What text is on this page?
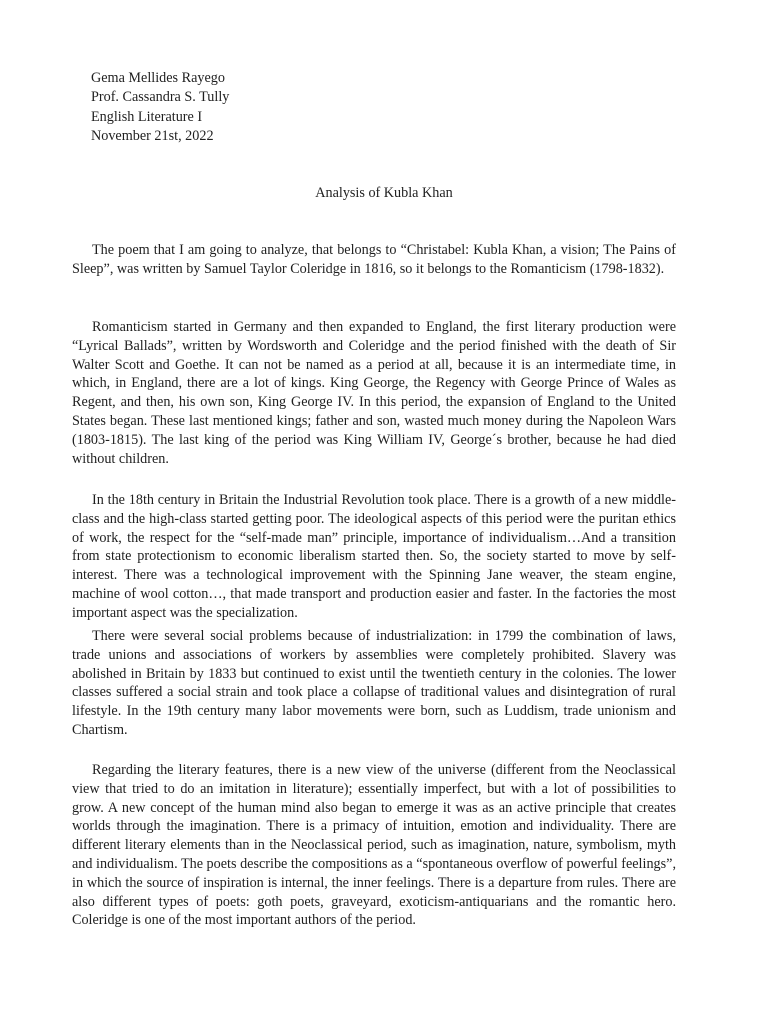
Gema Mellides Rayego
Prof. Cassandra S. Tully
English Literature I
November 21st, 2022
Analysis of Kubla Khan

The poem that I am going to analyze, that belongs to “Christabel: Kubla Khan, a vision; The Pains of Sleep”, was written by Samuel Taylor Coleridge in 1816, so it belongs to the Romanticism (1798-1832).

Romanticism started in Germany and then expanded to England, the first literary production were “Lyrical Ballads”, written by Wordsworth and Coleridge and the period finished with the death of Sir Walter Scott and Goethe. It can not be named as a period at all, because it is an intermediate time, in which, in England, there are a lot of kings. King George, the Regency with George Prince of Wales as Regent, and then, his own son, King George IV. In this period, the expansion of England to the United States began. These last mentioned kings; father and son, wasted much money during the Napoleon Wars (1803-1815). The last king of the period was King William IV, George´s brother, because he had died without children.

In the 18th century in Britain the Industrial Revolution took place. There is a growth of a new middle-class and the high-class started getting poor. The ideological aspects of this period were the puritan ethics of work, the respect for the “self-made man” principle, importance of individualism…And a transition from state protectionism to economic liberalism started then. So, the society started to move by self-interest. There was a technological improvement with the Spinning Jane weaver, the steam engine, machine of wool cotton…, that made transport and production easier and faster. In the factories the most important aspect was the specialization.

There were several social problems because of industrialization: in 1799 the combination of laws, trade unions and associations of workers by assemblies were completely prohibited. Slavery was abolished in Britain by 1833 but continued to exist until the twentieth century in the colonies. The lower classes suffered a social strain and took place a collapse of traditional values and disintegration of rural lifestyle. In the 19th century many labor movements were born, such as Luddism, trade unionism and Chartism.

Regarding the literary features, there is a new view of the universe (different from the Neoclassical view that tried to do an imitation in literature); essentially imperfect, but with a lot of possibilities to grow. A new concept of the human mind also began to emerge it was as an active principle that creates worlds through the imagination. There is a primacy of intuition, emotion and individuality. There are different literary elements than in the Neoclassical period, such as imagination, nature, symbolism, myth and individualism. The poets describe the compositions as a “spontaneous overflow of powerful feelings”, in which the source of inspiration is internal, the inner feelings. There is a departure from rules. There are also different types of poets: goth poets, graveyard, exoticism-antiquarians and the romantic hero. Coleridge is one of the most important authors of the period.
